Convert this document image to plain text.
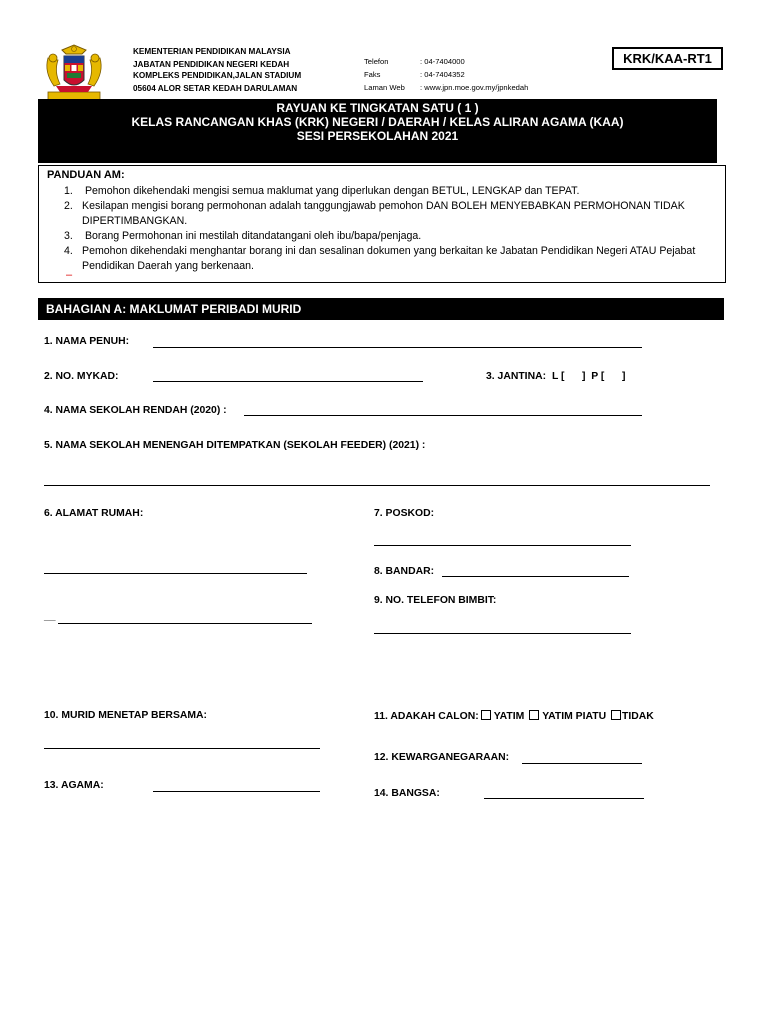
KEMENTERIAN PENDIDIKAN MALAYSIA
JABATAN PENDIDIKAN NEGERI KEDAH
KOMPLEKS PENDIDIKAN,JALAN STADIUM
05604 ALOR SETAR KEDAH DARULAMAN
Telefon	: 04-7404000
Faks	: 04-7404352
Laman Web : www.jpn.moe.gov.my/jpnkedah
KRK/KAA-RT1
RAYUAN KE TINGKATAN SATU ( 1 )
KELAS RANCANGAN KHAS (KRK) NEGERI / DAERAH / KELAS ALIRAN AGAMA (KAA)
SESI PERSEKOLAHAN 2021
PANDUAN AM:
1. Pemohon dikehendaki mengisi semua maklumat yang diperlukan dengan BETUL, LENGKAP dan TEPAT.
2. Kesilapan mengisi borang permohonan adalah tanggungjawab pemohon DAN BOLEH MENYEBABKAN PERMOHONAN TIDAK DIPERTIMBANGKAN.
3. Borang Permohonan ini mestilah ditandatangani oleh ibu/bapa/penjaga.
4. Pemohon dikehendaki menghantar borang ini dan sesalinan dokumen yang berkaitan ke Jabatan Pendidikan Negeri ATAU Pejabat Pendidikan Daerah yang berkenaan.
–
BAHAGIAN A: MAKLUMAT PERIBADI MURID
1. NAMA PENUH:
2. NO. MYKAD:	3. JANTINA: L [ ]  P [ ]
4. NAMA SEKOLAH RENDAH (2020) :
5. NAMA SEKOLAH MENENGAH DITEMPATKAN (SEKOLAH FEEDER) (2021) :
6. ALAMAT RUMAH:
__
7. POSKOD:
8. BANDAR:
9. NO. TELEFON BIMBIT:
10. MURID MENETAP BERSAMA:	11. ADAKAH CALON: YATIM YATIM PIATU TIDAK
12. KEWARGANEGARAAN:
13. AGAMA:
14. BANGSA:
